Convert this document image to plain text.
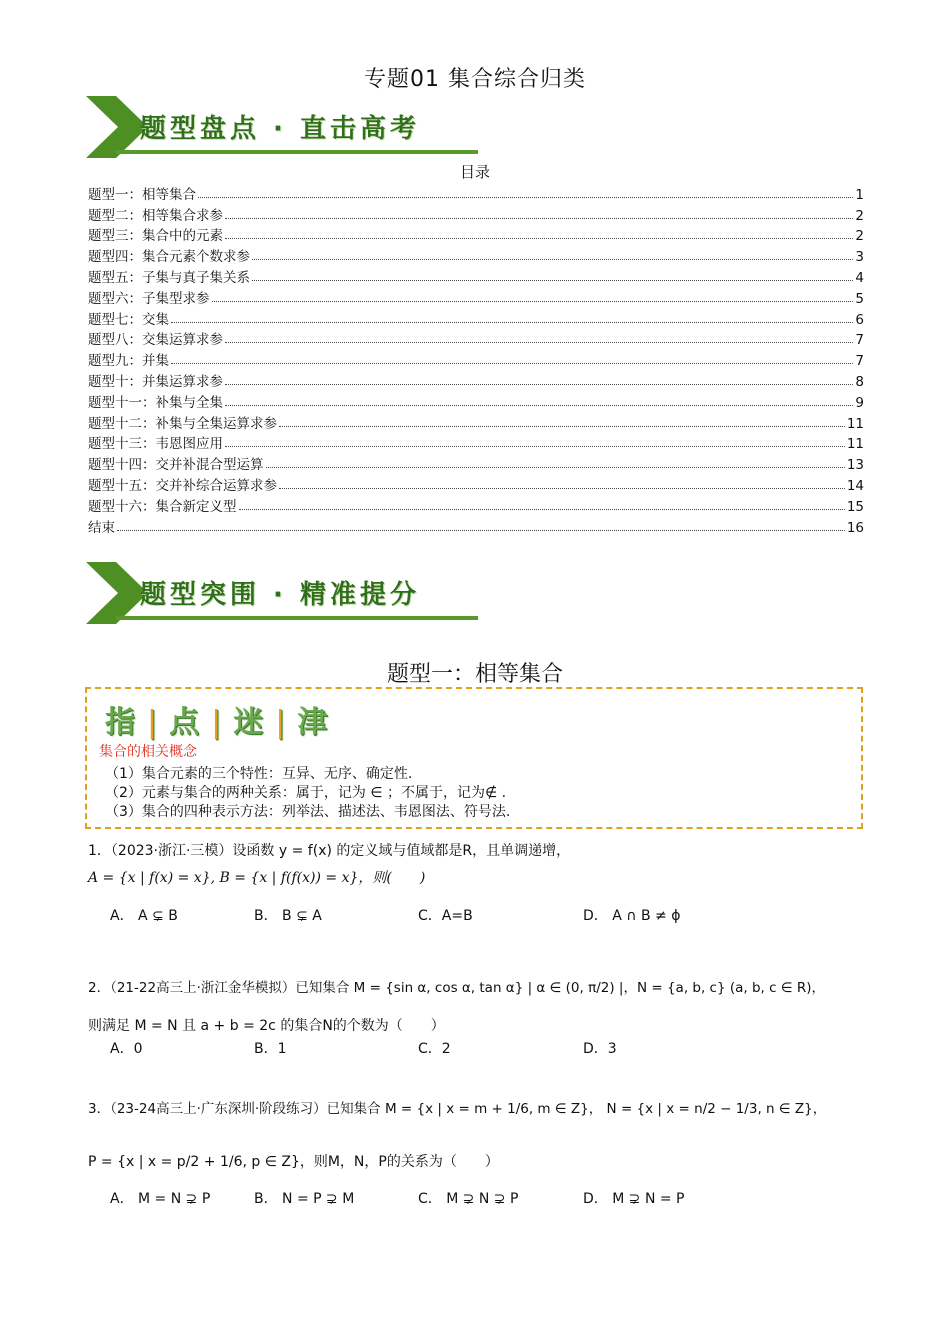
专题01 集合综合归类
题型盘点 · 直击高考
目录
题型一：相等集合	1
题型二：相等集合求参	2
题型三：集合中的元素	2
题型四：集合元素个数求参	3
题型五：子集与真子集关系	4
题型六：子集型求参	5
题型七：交集	6
题型八：交集运算求参	7
题型九：并集	7
题型十：并集运算求参	8
题型十一：补集与全集	9
题型十二：补集与全集运算求参	11
题型十三：韦恩图应用	11
题型十四：交并补混合型运算	13
题型十五：交并补综合运算求参	14
题型十六：集合新定义型	15
结束	16
题型突围 · 精准提分
题型一：相等集合
指 | 点 | 迷 | 津
集合的相关概念
（1）集合元素的三个特性：互异、无序、确定性.
（2）元素与集合的两种关系：属于，记为 ∈ ；不属于，记为∉ .
（3）集合的四种表示方法：列举法、描述法、韦恩图法、符号法.
1．（2023·浙江·三模）设函数 y = f(x) 的定义域与值域都是R，且单调递增，
A = {x | f(x) = x}, B = {x | f(f(x)) = x}，则(　　)
A． A ⊊ B	B． B ⊊ A	C．A=B	D． A ∩ B ≠ ϕ
2．（21-22高三上·浙江金华模拟）已知集合 M = {sin α, cos α, tan α} | α ∈ (0, π/2) |，N = {a, b, c} (a, b, c ∈ R)，
则满足 M = N 且 a + b = 2c 的集合N的个数为（　　）
A．0	B．1	C．2	D．3
3．（23-24高三上·广东深圳·阶段练习）已知集合 M = {x | x = m + 1/6, m ∈ Z}， N = {x | x = n/2 − 1/3, n ∈ Z}，
P = {x | x = p/2 + 1/6, p ∈ Z}，则M，N，P的关系为（　　）
A． M = N ⊋ P	B． N = P ⊋ M	C． M ⊋ N ⊋ P	D． M ⊋ N = P
